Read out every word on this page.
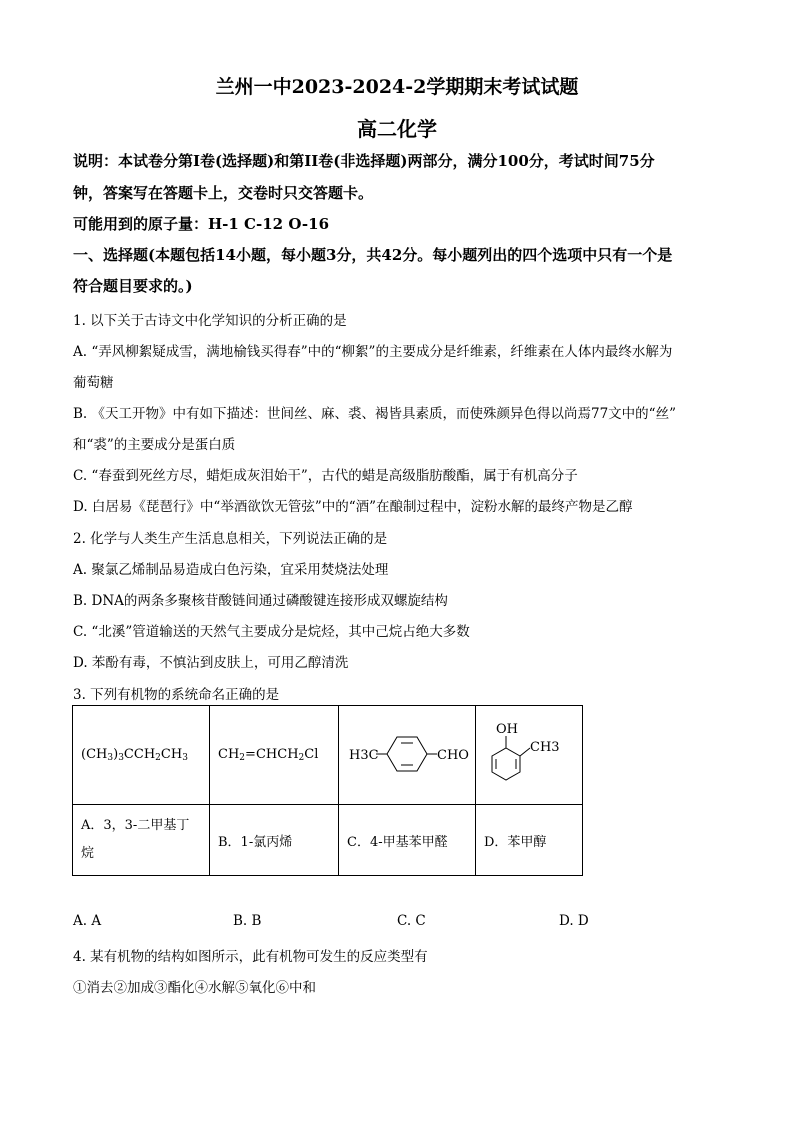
兰州一中2023-2024-2学期期末考试试题
高二化学
说明：本试卷分第I卷(选择题)和第II卷(非选择题)两部分，满分100分，考试时间75分
钟，答案写在答题卡上，交卷时只交答题卡。
可能用到的原子量：H-1 C-12 O-16
一、选择题(本题包括14小题，每小题3分，共42分。每小题列出的四个选项中只有一个是
符合题目要求的。)
1. 以下关于古诗文中化学知识的分析正确的是
A. “弄风柳絮疑成雪，满地榆钱买得春”中的“柳絮”的主要成分是纤维素，纤维素在人体内最终水解为
葡萄糖
B. 《天工开物》中有如下描述：世间丝、麻、裘、褐皆具素质，而使殊颜异色得以尚焉77文中的“丝”
和“裘”的主要成分是蛋白质
C. “春蚕到死丝方尽，蜡炬成灰泪始干”，古代的蜡是高级脂肪酸酯，属于有机高分子
D. 白居易《琵琶行》中“举酒欲饮无管弦”中的“酒”在酿制过程中，淀粉水解的最终产物是乙醇
2. 化学与人类生产生活息息相关，下列说法正确的是
A. 聚氯乙烯制品易造成白色污染，宜采用焚烧法处理
B. DNA的两条多聚核苷酸链间通过磷酸键连接形成双螺旋结构
C. “北溪”管道输送的天然气主要成分是烷烃，其中己烷占绝大多数
D. 苯酚有毒，不慎沾到皮肤上，可用乙醇清洗
3. 下列有机物的系统命名正确的是
$(CH_3)_3CCH_2CH_3$	$CH_2=CHCH_2Cl$	H3C CHO	OH
CH3

A．3，3-二甲基丁
烷	B．1-氯丙烯	C．4-甲基苯甲醛	D．苯甲醇
A. A	B. B	C. C	D. D
4. 某有机物的结构如图所示，此有机物可发生的反应类型有
①消去②加成③酯化④水解⑤氧化⑥中和
